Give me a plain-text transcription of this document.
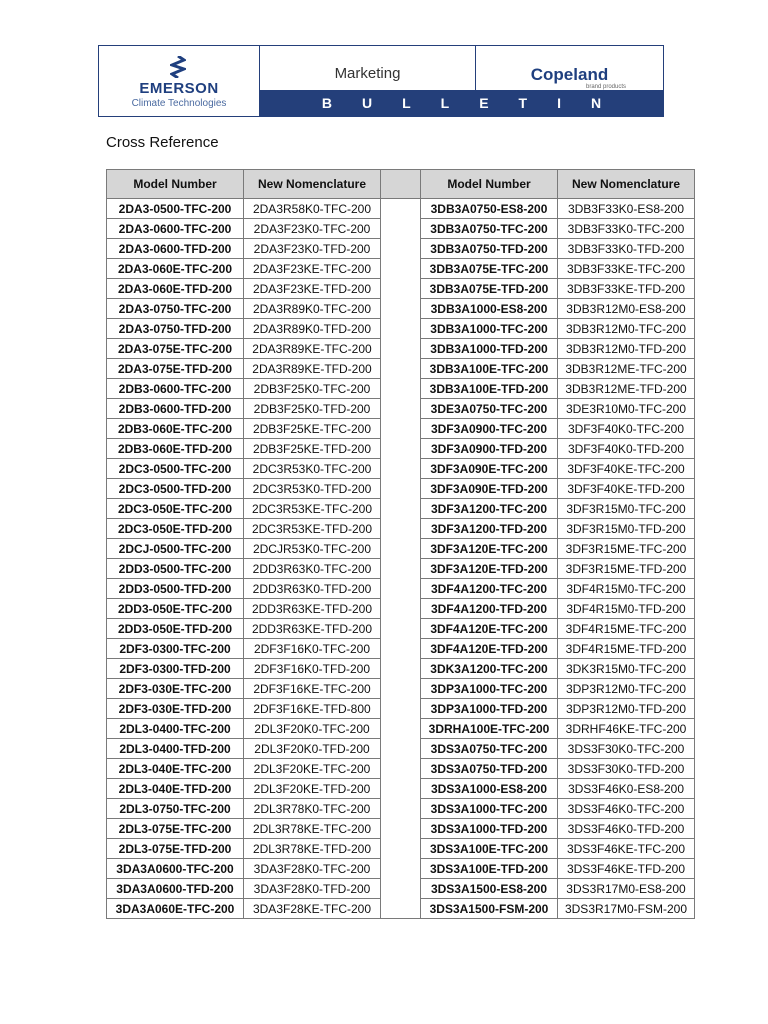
EMERSON
Climate Technologies
Marketing	Copeland
brand products
BULLETIN
Cross Reference
Model Number	New Nomenclature		Model Number	New Nomenclature
2DA3-0500-TFC-200	2DA3R58K0-TFC-200		3DB3A0750-ES8-200	3DB3F33K0-ES8-200
2DA3-0600-TFC-200	2DA3F23K0-TFC-200		3DB3A0750-TFC-200	3DB3F33K0-TFC-200
2DA3-0600-TFD-200	2DA3F23K0-TFD-200		3DB3A0750-TFD-200	3DB3F33K0-TFD-200
2DA3-060E-TFC-200	2DA3F23KE-TFC-200		3DB3A075E-TFC-200	3DB3F33KE-TFC-200
2DA3-060E-TFD-200	2DA3F23KE-TFD-200		3DB3A075E-TFD-200	3DB3F33KE-TFD-200
2DA3-0750-TFC-200	2DA3R89K0-TFC-200		3DB3A1000-ES8-200	3DB3R12M0-ES8-200
2DA3-0750-TFD-200	2DA3R89K0-TFD-200		3DB3A1000-TFC-200	3DB3R12M0-TFC-200
2DA3-075E-TFC-200	2DA3R89KE-TFC-200		3DB3A1000-TFD-200	3DB3R12M0-TFD-200
2DA3-075E-TFD-200	2DA3R89KE-TFD-200		3DB3A100E-TFC-200	3DB3R12ME-TFC-200
2DB3-0600-TFC-200	2DB3F25K0-TFC-200		3DB3A100E-TFD-200	3DB3R12ME-TFD-200
2DB3-0600-TFD-200	2DB3F25K0-TFD-200		3DE3A0750-TFC-200	3DE3R10M0-TFC-200
2DB3-060E-TFC-200	2DB3F25KE-TFC-200		3DF3A0900-TFC-200	3DF3F40K0-TFC-200
2DB3-060E-TFD-200	2DB3F25KE-TFD-200		3DF3A0900-TFD-200	3DF3F40K0-TFD-200
2DC3-0500-TFC-200	2DC3R53K0-TFC-200		3DF3A090E-TFC-200	3DF3F40KE-TFC-200
2DC3-0500-TFD-200	2DC3R53K0-TFD-200		3DF3A090E-TFD-200	3DF3F40KE-TFD-200
2DC3-050E-TFC-200	2DC3R53KE-TFC-200		3DF3A1200-TFC-200	3DF3R15M0-TFC-200
2DC3-050E-TFD-200	2DC3R53KE-TFD-200		3DF3A1200-TFD-200	3DF3R15M0-TFD-200
2DCJ-0500-TFC-200	2DCJR53K0-TFC-200		3DF3A120E-TFC-200	3DF3R15ME-TFC-200
2DD3-0500-TFC-200	2DD3R63K0-TFC-200		3DF3A120E-TFD-200	3DF3R15ME-TFD-200
2DD3-0500-TFD-200	2DD3R63K0-TFD-200		3DF4A1200-TFC-200	3DF4R15M0-TFC-200
2DD3-050E-TFC-200	2DD3R63KE-TFD-200		3DF4A1200-TFD-200	3DF4R15M0-TFD-200
2DD3-050E-TFD-200	2DD3R63KE-TFD-200		3DF4A120E-TFC-200	3DF4R15ME-TFC-200
2DF3-0300-TFC-200	2DF3F16K0-TFC-200		3DF4A120E-TFD-200	3DF4R15ME-TFD-200
2DF3-0300-TFD-200	2DF3F16K0-TFD-200		3DK3A1200-TFC-200	3DK3R15M0-TFC-200
2DF3-030E-TFC-200	2DF3F16KE-TFC-200		3DP3A1000-TFC-200	3DP3R12M0-TFC-200
2DF3-030E-TFD-200	2DF3F16KE-TFD-800		3DP3A1000-TFD-200	3DP3R12M0-TFD-200
2DL3-0400-TFC-200	2DL3F20K0-TFC-200		3DRHA100E-TFC-200	3DRHF46KE-TFC-200
2DL3-0400-TFD-200	2DL3F20K0-TFD-200		3DS3A0750-TFC-200	3DS3F30K0-TFC-200
2DL3-040E-TFC-200	2DL3F20KE-TFC-200		3DS3A0750-TFD-200	3DS3F30K0-TFD-200
2DL3-040E-TFD-200	2DL3F20KE-TFD-200		3DS3A1000-ES8-200	3DS3F46K0-ES8-200
2DL3-0750-TFC-200	2DL3R78K0-TFC-200		3DS3A1000-TFC-200	3DS3F46K0-TFC-200
2DL3-075E-TFC-200	2DL3R78KE-TFC-200		3DS3A1000-TFD-200	3DS3F46K0-TFD-200
2DL3-075E-TFD-200	2DL3R78KE-TFD-200		3DS3A100E-TFC-200	3DS3F46KE-TFC-200
3DA3A0600-TFC-200	3DA3F28K0-TFC-200		3DS3A100E-TFD-200	3DS3F46KE-TFD-200
3DA3A0600-TFD-200	3DA3F28K0-TFD-200		3DS3A1500-ES8-200	3DS3R17M0-ES8-200
3DA3A060E-TFC-200	3DA3F28KE-TFC-200		3DS3A1500-FSM-200	3DS3R17M0-FSM-200
